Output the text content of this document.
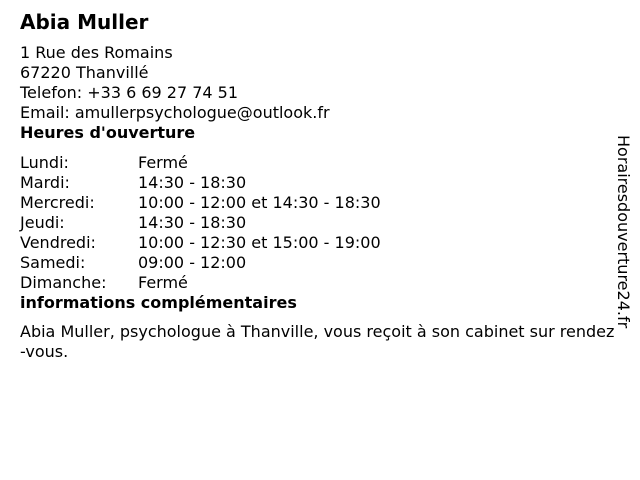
Abia Muller
1 Rue des Romains
67220 Thanvillé
Telefon: +33 6 69 27 74 51
Email: amullerpsychologue@outlook.fr
Heures d'ouverture
Lundi:	Fermé
Mardi:	14:30 - 18:30
Mercredi:	10:00 - 12:00 et 14:30 - 18:30
Jeudi:	14:30 - 18:30
Vendredi:	10:00 - 12:30 et 15:00 - 19:00
Samedi:	09:00 - 12:00
Dimanche:	Fermé
informations complémentaires
Abia Muller, psychologue à Thanville, vous reçoit à son cabinet sur rendez-vous.
Horairesdouverture24.fr
